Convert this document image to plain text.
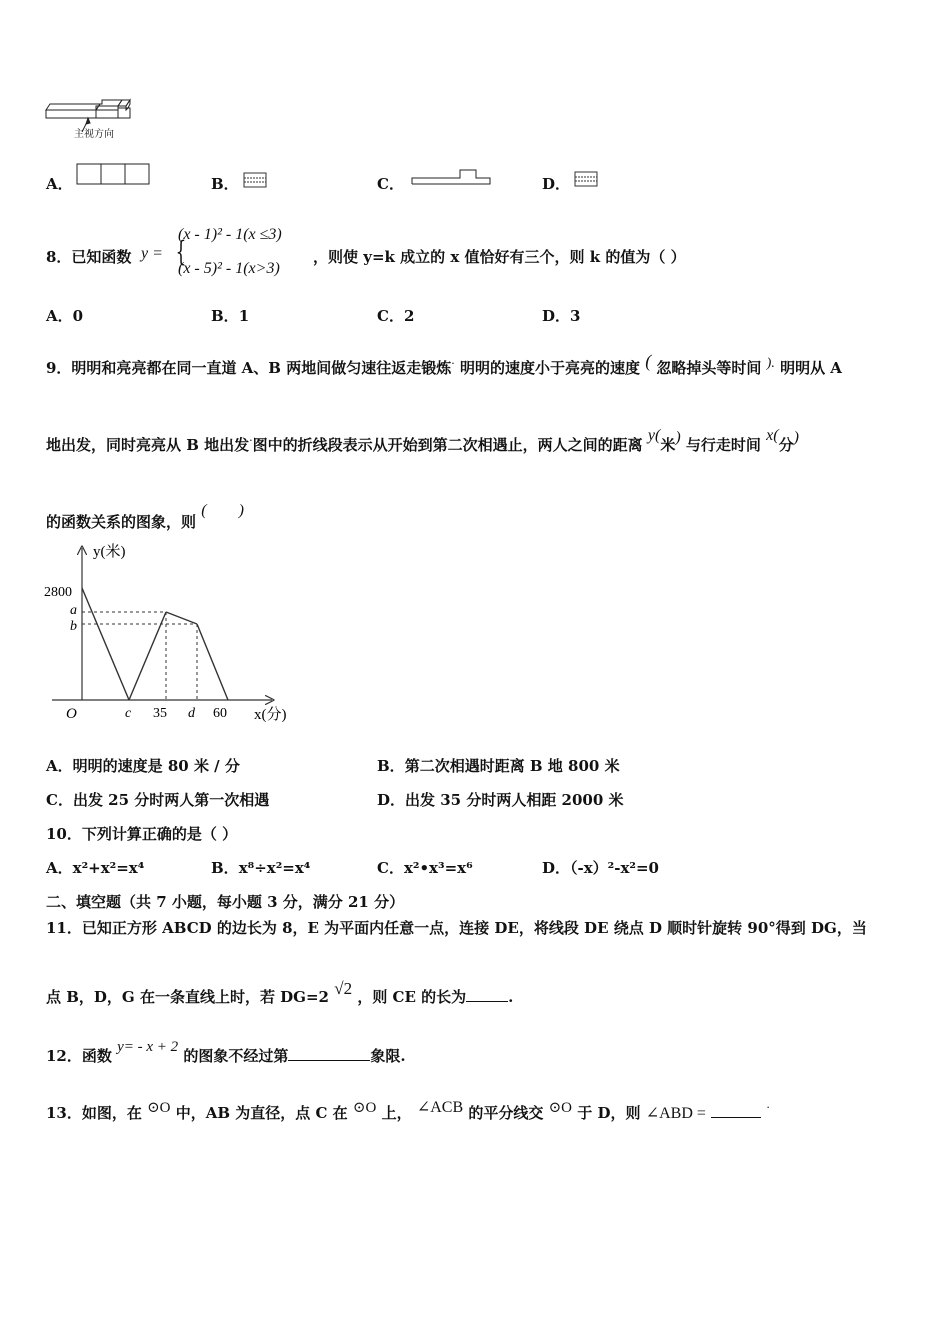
主视方向
A．	B．	C．	D．
8．已知函数 y = {
(x - 1)² - 1(x ≤3)
(x - 5)² - 1(x>3)
，则使 y=k 成立的 x 值恰好有三个，则 k 的值为（ ）
A．0	B．1	C．2	D．3
9．明明和亮亮都在同一直道 A、B 两地间做匀速往返走锻炼· 明明的速度小于亮亮的速度 ( 忽略掉头等时间 ). 明明从 A
地出发，同时亮亮从 B 地出发·图中的折线段表示从开始到第二次相遇止，两人之间的距离 y(米) 与行走时间 x(分)
的函数关系的图象，则 (        )
y(米)
x(分)
O
2800
a
b
c 35 d 60
A．明明的速度是 80 米 / 分	B．第二次相遇时距离 B 地 800 米
C．出发 25 分时两人第一次相遇	D．出发 35 分时两人相距 2000 米
10．下列计算正确的是（ ）
A．x²+x²=x⁴	B．x⁸÷x²=x⁴	C．x²•x³=x⁶	D．（-x）²-x²=0
二、填空题（共 7 小题，每小题 3 分，满分 21 分）
11．已知正方形 ABCD 的边长为 8，E 为平面内任意一点，连接 DE，将线段 DE 绕点 D 顺时针旋转 90°得到 DG，当
点 B，D，G 在一条直线上时，若 DG=2 √2 ，则 CE 的长为	.
12．函数 y= - x + 2 的图象不经过第	象限.
13．如图，在 ⊙O 中，AB 为直径，点 C 在 ⊙O 上， ∠ACB 的平分线交 ⊙O 于 D，则 ∠ABD =  .
